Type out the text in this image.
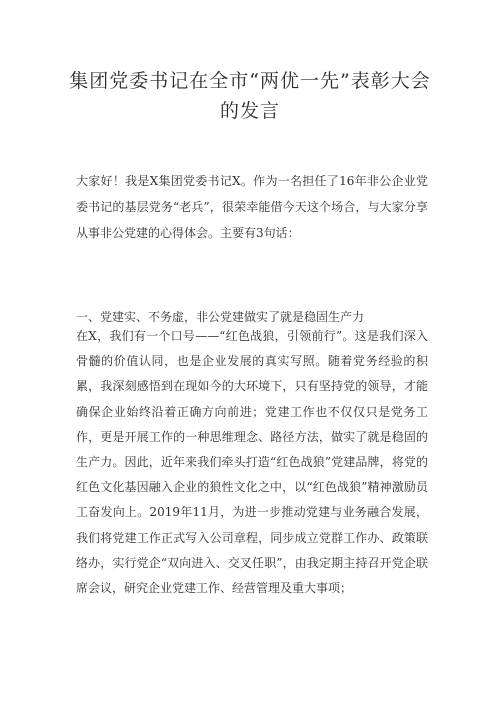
集团党委书记在全市“两优一先”表彰大会的发言

大家好！我是X集团党委书记X。作为一名担任了16年非公企业党委书记的基层党务“老兵”，很荣幸能借今天这个场合，与大家分享从事非公党建的心得体会。主要有3句话：

一、党建实、不务虚，非公党建做实了就是稳固生产力

在X，我们有一个口号——“红色战狼，引领前行”。这是我们深入骨髓的价值认同，也是企业发展的真实写照。随着党务经验的积累，我深刻感悟到在现如今的大环境下，只有坚持党的领导，才能确保企业始终沿着正确方向前进；党建工作也不仅仅只是党务工作，更是开展工作的一种思维理念、路径方法，做实了就是稳固的生产力。因此，近年来我们牵头打造“红色战狼”党建品牌，将党的红色文化基因融入企业的狼性文化之中，以“红色战狼”精神激励员工奋发向上。2019年11月，为进一步推动党建与业务融合发展，我们将党建工作正式写入公司章程，同步成立党群工作办、政策联络办，实行党企“双向进入、交叉任职”，由我定期主持召开党企联席会议，研究企业党建工作、经营管理及重大事项；
